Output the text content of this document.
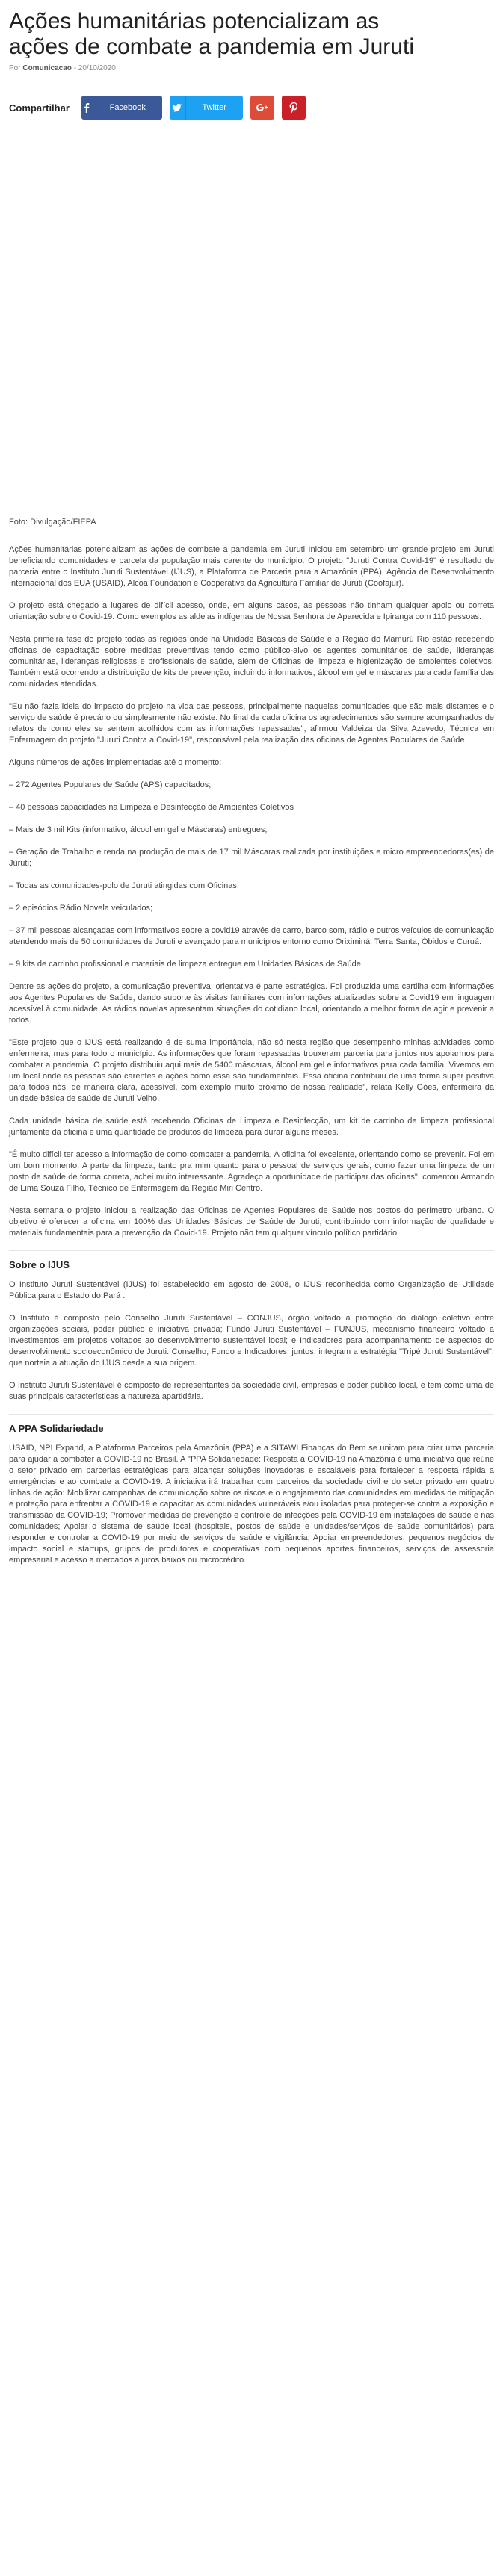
Ações humanitárias potencializam as ações de combate a pandemia em Juruti
Por Comunicacao - 20/10/2020
Compartilhar	Facebook	Twitter

Foto: Divulgação/FIEPA

Ações humanitárias potencializam as ações de combate a pandemia em Juruti Iniciou em setembro um grande projeto em Juruti beneficiando comunidades e parcela da população mais carente do município. O projeto "Juruti Contra Covid-19" é resultado de parceria entre o Instituto Juruti Sustentável (IJUS), a Plataforma de Parceria para a Amazônia (PPA), Agência de Desenvolvimento Internacional dos EUA (USAID), Alcoa Foundation e Cooperativa da Agricultura Familiar de Juruti (Coofajur).

O projeto está chegado a lugares de difícil acesso, onde, em alguns casos, as pessoas não tinham qualquer apoio ou correta orientação sobre o Covid-19. Como exemplos as aldeias indígenas de Nossa Senhora de Aparecida e Ipiranga com 110 pessoas.

Nesta primeira fase do projeto todas as regiões onde há Unidade Básicas de Saúde e a Região do Mamurú Rio estão recebendo oficinas de capacitação sobre medidas preventivas tendo como público-alvo os agentes comunitários de saúde, lideranças comunitárias, lideranças religiosas e profissionais de saúde, além de Oficinas de limpeza e higienização de ambientes coletivos. Também está ocorrendo a distribuição de kits de prevenção, incluindo informativos, álcool em gel e máscaras para cada família das comunidades atendidas.

"Eu não fazia ideia do impacto do projeto na vida das pessoas, principalmente naquelas comunidades que são mais distantes e o serviço de saúde é precário ou simplesmente não existe. No final de cada oficina os agradecimentos são sempre acompanhados de relatos de como eles se sentem acolhidos com as informações repassadas", afirmou Valdeiza da Silva Azevedo, Técnica em Enfermagem do projeto "Juruti Contra a Covid-19", responsável pela realização das oficinas de Agentes Populares de Saúde.

Alguns números de ações implementadas até o momento:

– 272 Agentes Populares de Saúde (APS) capacitados;

– 40 pessoas capacidades na Limpeza e Desinfecção de Ambientes Coletivos

– Mais de 3 mil Kits (informativo, álcool em gel e Máscaras) entregues;

– Geração de Trabalho e renda na produção de mais de 17 mil Máscaras realizada por instituições e micro empreendedoras(es) de Juruti;

– Todas as comunidades-polo de Juruti atingidas com Oficinas;

– 2 episódios Rádio Novela veiculados;

– 37 mil pessoas alcançadas com informativos sobre a covid19 através de carro, barco som, rádio e outros veículos de comunicação atendendo mais de 50 comunidades de Juruti e avançado para municípios entorno como Oriximiná, Terra Santa, Óbidos e Curuá.

– 9 kits de carrinho profissional e materiais de limpeza entregue em Unidades Básicas de Saúde.

Dentre as ações do projeto, a comunicação preventiva, orientativa é parte estratégica. Foi produzida uma cartilha com informações aos Agentes Populares de Saúde, dando suporte às visitas familiares com informações atualizadas sobre a Covid19 em linguagem acessível à comunidade. As rádios novelas apresentam situações do cotidiano local, orientando a melhor forma de agir e prevenir a todos.

"Este projeto que o IJUS está realizando é de suma importância, não só nesta região que desempenho minhas atividades como enfermeira, mas para todo o município. As informações que foram repassadas trouxeram parceria para juntos nos apoiarmos para combater a pandemia. O projeto distribuiu aqui mais de 5400 máscaras, álcool em gel e informativos para cada família. Vivemos em um local onde as pessoas são carentes e ações como essa são fundamentais. Essa oficina contribuiu de uma forma super positiva para todos nós, de maneira clara, acessível, com exemplo muito próximo de nossa realidade", relata Kelly Góes, enfermeira da unidade básica de saúde de Juruti Velho.

Cada unidade básica de saúde está recebendo Oficinas de Limpeza e Desinfecção, um kit de carrinho de limpeza profissional juntamente da oficina e uma quantidade de produtos de limpeza para durar alguns meses.

"É muito difícil ter acesso a informação de como combater a pandemia. A oficina foi excelente, orientando como se prevenir. Foi em um bom momento. A parte da limpeza, tanto pra mim quanto para o pessoal de serviços gerais, como fazer uma limpeza de um posto de saúde de forma correta, achei muito interessante. Agradeço a oportunidade de participar das oficinas", comentou Armando de Lima Souza Filho, Técnico de Enfermagem da Região Miri Centro.

Nesta semana o projeto iniciou a realização das Oficinas de Agentes Populares de Saúde nos postos do perímetro urbano. O objetivo é oferecer a oficina em 100% das Unidades Básicas de Saúde de Juruti, contribuindo com informação de qualidade e materiais fundamentais para a prevenção da Covid-19. Projeto não tem qualquer vínculo político partidário.

Sobre o IJUS

O Instituto Juruti Sustentável (IJUS) foi estabelecido em agosto de 2008, o IJUS reconhecida como Organização de Utilidade Pública para o Estado do Pará .

O Instituto é composto pelo Conselho Juruti Sustentável – CONJUS, órgão voltado à promoção do diálogo coletivo entre organizações sociais, poder público e iniciativa privada; Fundo Juruti Sustentável – FUNJUS, mecanismo financeiro voltado a investimentos em projetos voltados ao desenvolvimento sustentável local; e Indicadores para acompanhamento de aspectos do desenvolvimento socioeconômico de Juruti. Conselho, Fundo e Indicadores, juntos, integram a estratégia "Tripé Juruti Sustentável", que norteia a atuação do IJUS desde a sua origem.

O Instituto Juruti Sustentável é composto de representantes da sociedade civil, empresas e poder público local, e tem como uma de suas principais características a natureza apartidária.

A PPA Solidariedade

USAID, NPI Expand, a Plataforma Parceiros pela Amazônia (PPA) e a SITAWI Finanças do Bem se uniram para criar uma parceria para ajudar a combater a COVID-19 no Brasil. A "PPA Solidariedade: Resposta à COVID-19 na Amazônia é uma iniciativa que reúne o setor privado em parcerias estratégicas para alcançar soluções inovadoras e escaláveis para fortalecer a resposta rápida a emergências e ao combate a COVID-19. A iniciativa irá trabalhar com parceiros da sociedade civil e do setor privado em quatro linhas de ação: Mobilizar campanhas de comunicação sobre os riscos e o engajamento das comunidades em medidas de mitigação e proteção para enfrentar a COVID-19 e capacitar as comunidades vulneráveis e/ou isoladas para proteger-se contra a exposição e transmissão da COVID-19; Promover medidas de prevenção e controle de infecções pela COVID-19 em instalações de saúde e nas comunidades; Apoiar o sistema de saúde local (hospitais, postos de saúde e unidades/serviços de saúde comunitários) para responder e controlar a COVID-19 por meio de serviços de saúde e vigilância; Apoiar empreendedores, pequenos negócios de impacto social e startups, grupos de produtores e cooperativas com pequenos aportes financeiros, serviços de assessoria empresarial e acesso a mercados a juros baixos ou microcrédito.
